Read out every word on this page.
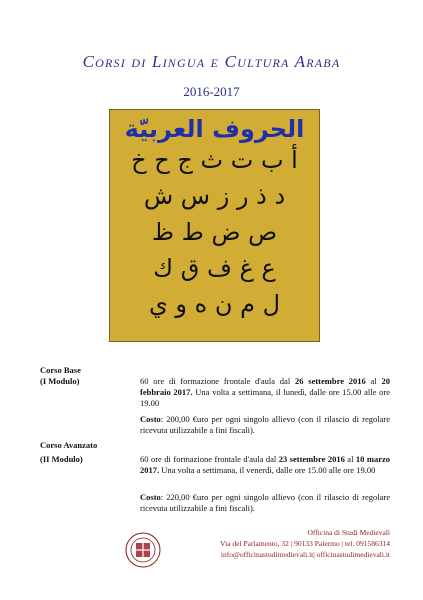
Corsi di Lingua e Cultura Araba
2016-2017
الحروف العربيّة
أ ب ت ث ج ح خ
د ذ ر ز س ش
ص ض ط ظ
ع غ ف ق ك
ل م ن ه و ي
Corso Base
(I Modulo)	60 ore di formazione frontale d'aula dal 26 settembre 2016 al 20 febbraio 2017. Una volta a settimana, il lunedì, dalle ore 15.00 alle ore 19.00
Costo: 200,00 €uro per ogni singolo allievo (con il rilascio di regolare ricevuta utilizzabile a fini fiscali).
Corso Avanzato
(II Modulo)	60 ore di formazione frontale d'aula dal 23 settembre 2016 al 10 marzo 2017. Una volta a settimana, il venerdì, dalle ore 15.00 alle ore 19.00
Costo: 220,00 €uro per ogni singolo allievo (con il rilascio di regolare ricevuta utilizzabile a fini fiscali).
Officina di Studi Medievali
Via del Parlamento, 32 | 90133 Palermo | tel. 091586314
info@officinastudimedievali.it| officinastudimedievali.it
